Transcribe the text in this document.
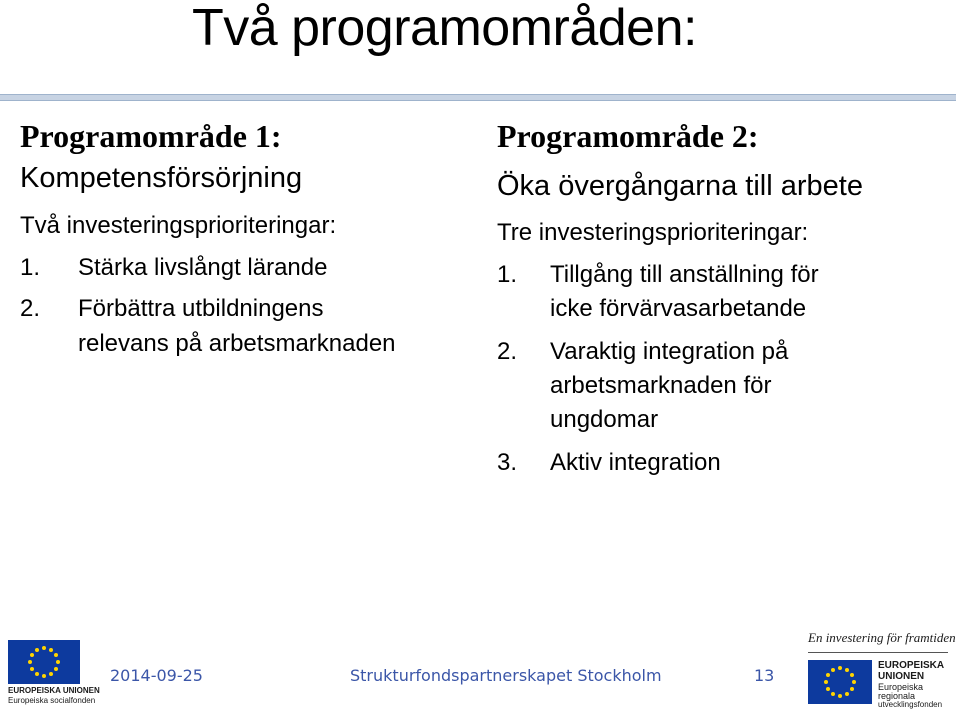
Två programområden:
Programområde 1:
Kompetensförsörjning
Två investeringsprioriteringar:
1. Stärka livslångt lärande
2. Förbättra utbildningens
relevans på arbetsmarknaden
Programområde 2:
Öka övergångarna till arbete
Tre investeringsprioriteringar:
1. Tillgång till anställning för
icke förvärvasarbetande
2. Varaktig integration på
arbetsmarknaden för
ungdomar
3. Aktiv integration
EUROPEISKA UNIONEN
Europeiska socialfonden
2014-09-25	Strukturfondspartnerskapet Stockholm	13
En investering för framtiden
EUROPEISKA
UNIONEN
Europeiska
regionala
utvecklingsfonden
